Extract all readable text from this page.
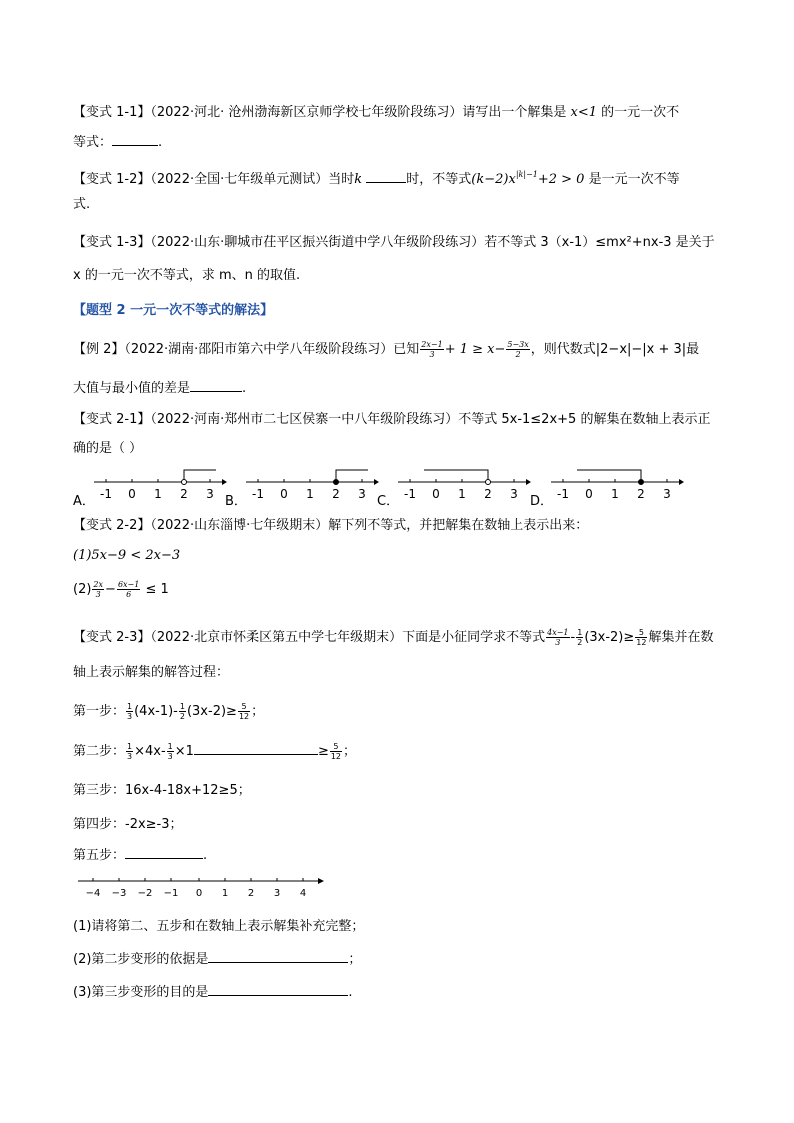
【变式 1-1】（2022·河北· 沧州渤海新区京师学校七年级阶段练习）请写出一个解集是 x<1 的一元一次不
等式：	.
【变式 1-2】（2022·全国·七年级单元测试）当时k	时，不等式$(k-2)x^{|k|-1}+2 > 0$ 是一元一次不等
式.
【变式 1-3】（2022·山东·聊城市茌平区振兴街道中学八年级阶段练习）若不等式 3（x-1）≤mx²+nx-3 是关于
x 的一元一次不等式，求 m、n 的取值.
【题型 2 一元一次不等式的解法】
【例 2】（2022·湖南·邵阳市第六中学八年级阶段练习）已知 $\frac{2x-1}{3} + 1 \ge x- \frac{5-3x}{2}$ ，则代数式|2−x|−|x + 3|最
大值与最小值的差是	.
【变式 2-1】（2022·河南·郑州市二七区侯寨一中八年级阶段练习）不等式 5x-1≤2x+5 的解集在数轴上表示正
确的是（ ）
A．	B．	C．	D．
-1 0 1 2 3	-1 0 1 2 3	-1 0 1 2 3	-1 0 1 2 3
【变式 2-2】（2022·山东淄博·七年级期末）解下列不等式，并把解集在数轴上表示出来：
(1)5x−9 < 2x−3
$(2) \frac{2x}{3} - \frac{6x-1}{6} \le 1$
【变式 2-3】（2022·北京市怀柔区第五中学七年级期末）下面是小征同学求不等式 $\frac{4x-1}{3} - \frac{1}{2} (3x-2)\ge \frac{5}{12}$ 解集并在数
轴上表示解集的解答过程：
第一步： $\frac{1}{3} (4x-1)- \frac{1}{2} (3x-2)\ge \frac{5}{12}$ ；
第二步： $\frac{1}{3} \times 4x- \frac{1}{3} \times 1$	≥ $\frac{5}{12}$ ；
第三步：16x-4-18x+12≥5；
第四步：-2x≥-3；
第五步：	.
−4 −3 −2 −1 0 1 2 3 4
(1)请将第二、五步和在数轴上表示解集补充完整；
(2)第二步变形的依据是	；
(3)第三步变形的目的是	.
